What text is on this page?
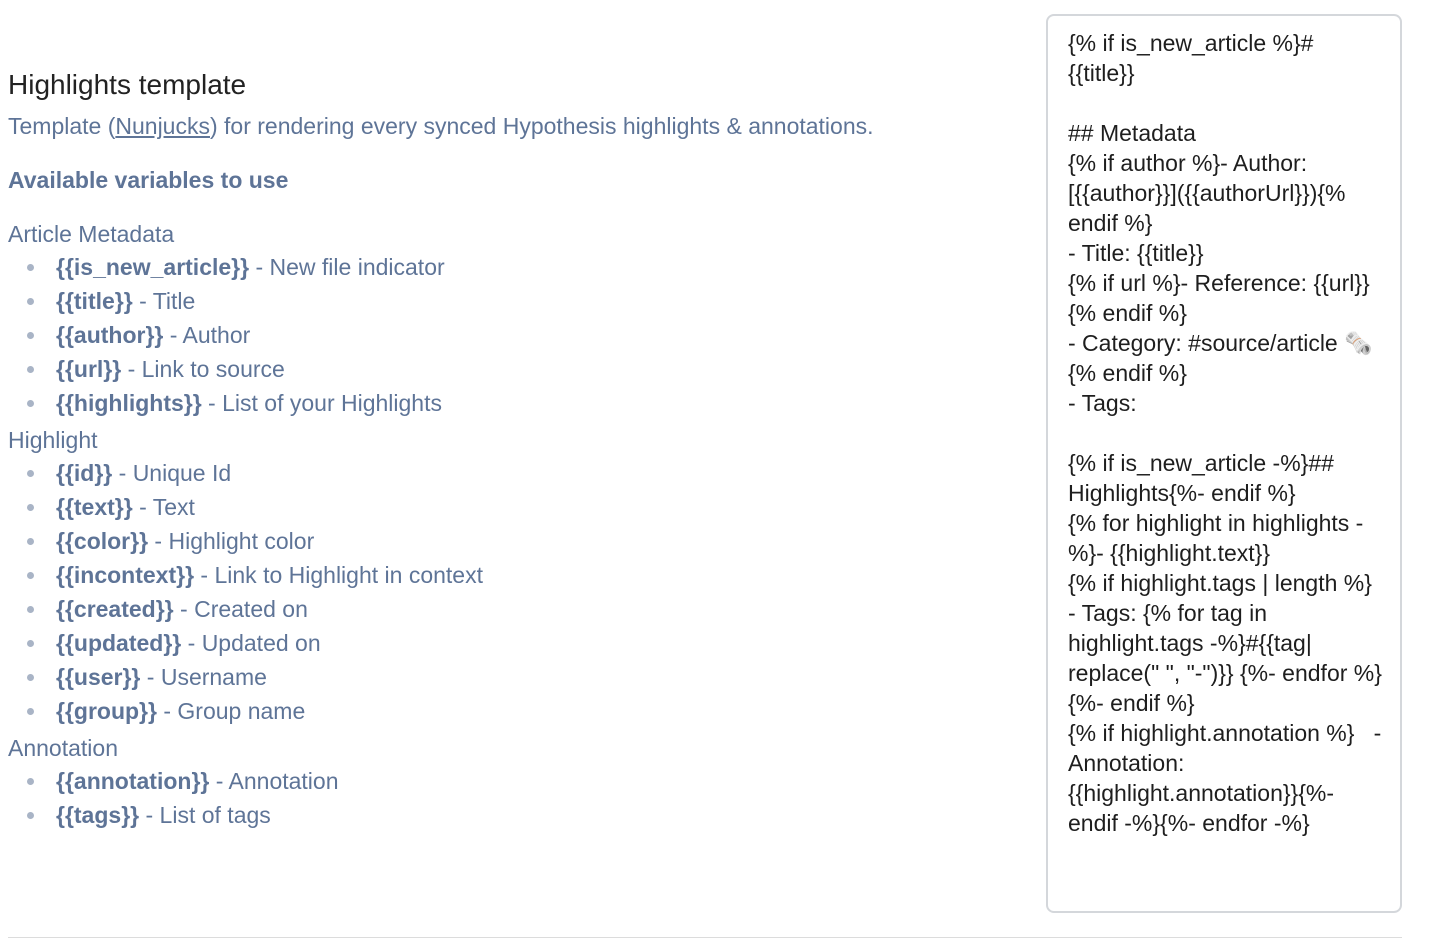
Highlights template
Template (Nunjucks) for rendering every synced Hypothesis highlights & annotations.
Available variables to use
Article Metadata
{{is_new_article}} - New file indicator
{{title}} - Title
{{author}} - Author
{{url}} - Link to source
{{highlights}} - List of your Highlights
Highlight
{{id}} - Unique Id
{{text}} - Text
{{color}} - Highlight color
{{incontext}} - Link to Highlight in context
{{created}} - Created on
{{updated}} - Updated on
{{user}} - Username
{{group}} - Group name
Annotation
{{annotation}} - Annotation
{{tags}} - List of tags
{% if is_new_article %}# {{title}} ## Metadata {% if author %}- Author: [{{author}}]({{authorUrl}}){% endif %} - Title: {{title}} {% if url %}- Reference: {{url}}{% endif %} - Category: #source/article 🗞️{% endif %} - Tags: {% if is_new_article -%}## Highlights{%- endif %} {% for highlight in highlights -%}- {{highlight.text}} {% if highlight.tags | length %} - Tags: {% for tag in highlight.tags -%}#{{tag| replace(" ", "-")}} {%- endfor %}{%- endif %} {% if highlight.annotation %} - Annotation: {{highlight.annotation}}{%- endif -%}{%- endfor -%}
